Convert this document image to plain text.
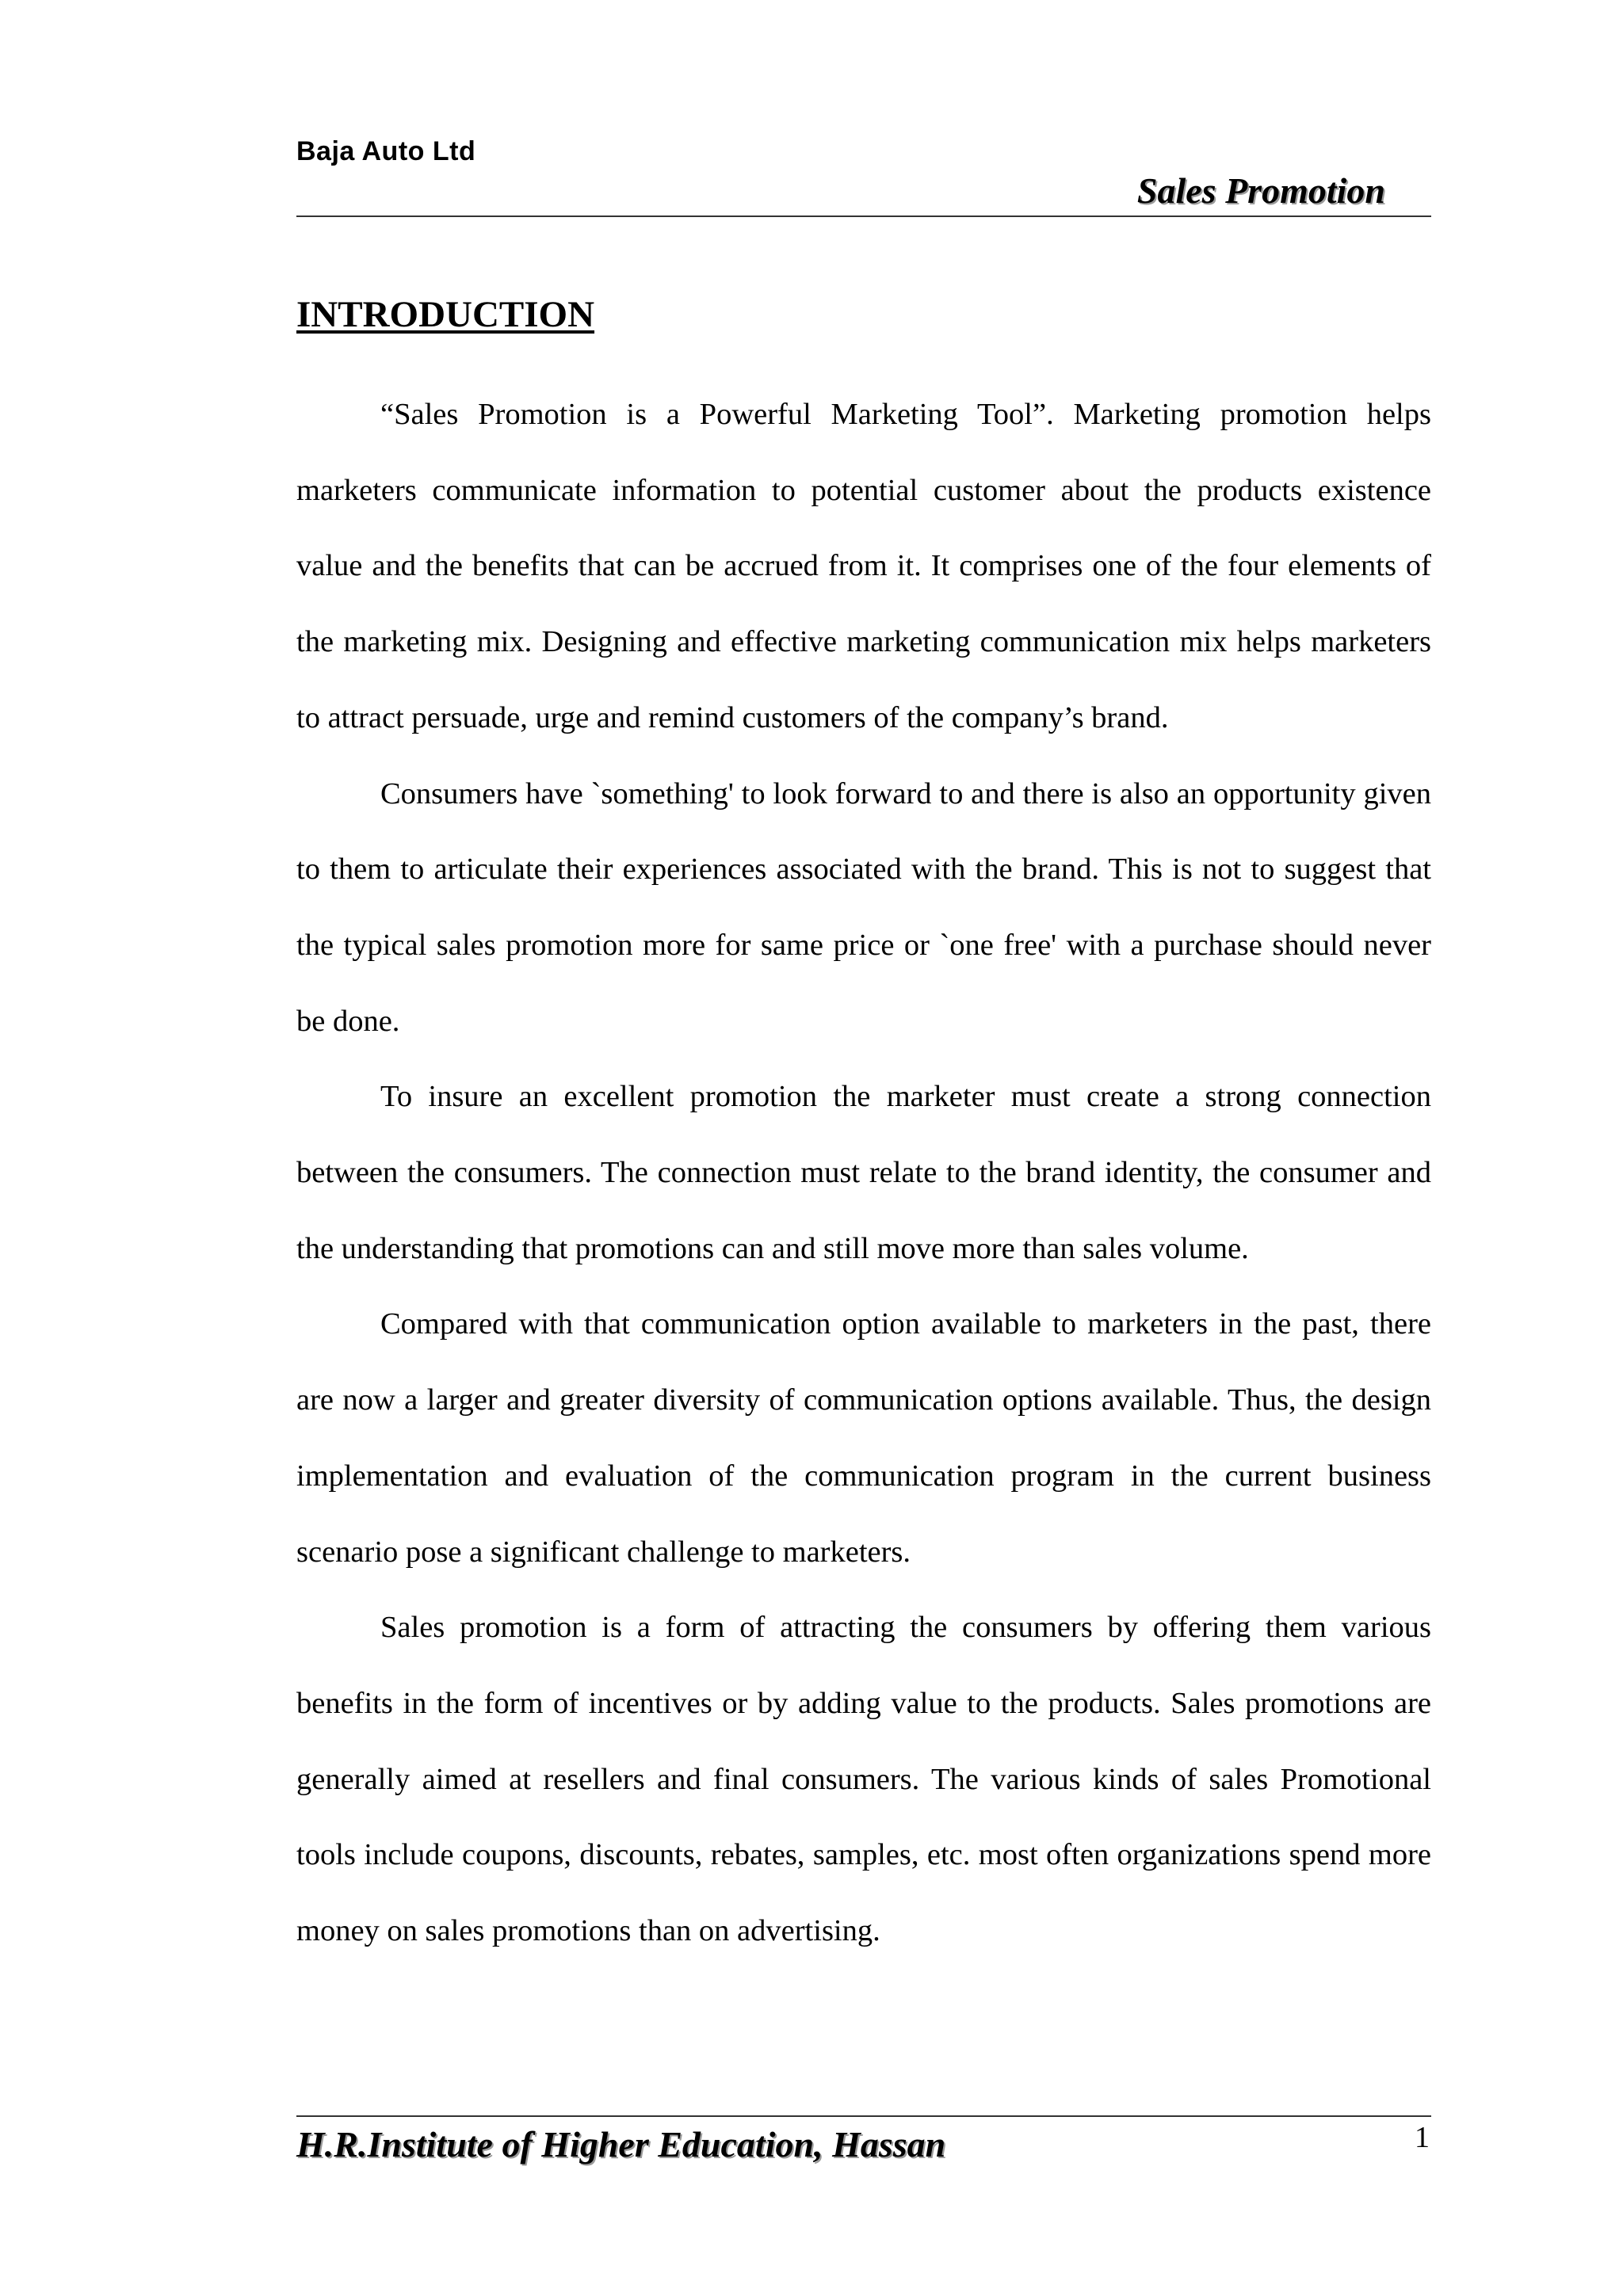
Baja Auto Ltd
Sales Promotion
INTRODUCTION

“Sales Promotion is a Powerful Marketing Tool”. Marketing promotion helps marketers communicate information to potential customer about the products existence value and the benefits that can be accrued from it. It comprises one of the four elements of the marketing mix. Designing and effective marketing communication mix helps marketers to attract persuade, urge and remind customers of the company’s brand.

Consumers have `something' to look forward to and there is also an opportunity given to them to articulate their experiences associated with the brand. This is not to suggest that the typical sales promotion more for same price or `one free' with a purchase should never be done.

To insure an excellent promotion the marketer must create a strong connection between the consumers. The connection must relate to the brand identity, the consumer and the understanding that promotions can and still move more than sales volume.

Compared with that communication option available to marketers in the past, there are now a larger and greater diversity of communication options available. Thus, the design implementation and evaluation of the communication program in the current business scenario pose a significant challenge to marketers.

Sales promotion is a form of attracting the consumers by offering them various benefits in the form of incentives or by adding value to the products. Sales promotions are generally aimed at resellers and final consumers. The various kinds of sales Promotional tools include coupons, discounts, rebates, samples, etc. most often organizations spend more money on sales promotions than on advertising.

H.R.Institute of Higher Education, Hassan	1
